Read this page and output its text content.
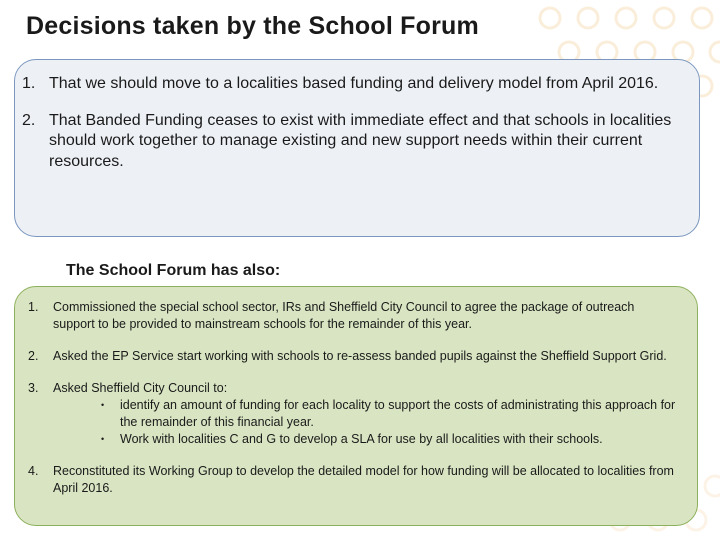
Decisions taken by the School Forum
1. That we should move to a localities based funding and delivery model from April 2016.
2. That Banded Funding ceases to exist with immediate effect and that schools in localities should work together to manage existing and new support needs within their current resources.
The School Forum has also:
1. Commissioned the special school sector, IRs and Sheffield City Council to agree the package of outreach support to be provided to mainstream schools for the remainder of this year.
2. Asked the EP Service start working with schools to re-assess banded pupils against the Sheffield Support Grid.
3. Asked Sheffield City Council to:
• identify an amount of funding for each locality to support the costs of administrating this approach for the remainder of this financial year.
• Work with localities C and G to develop a SLA for use by all localities with their schools.
4. Reconstituted its Working Group to develop the detailed model for how funding will be allocated to localities from April 2016.
